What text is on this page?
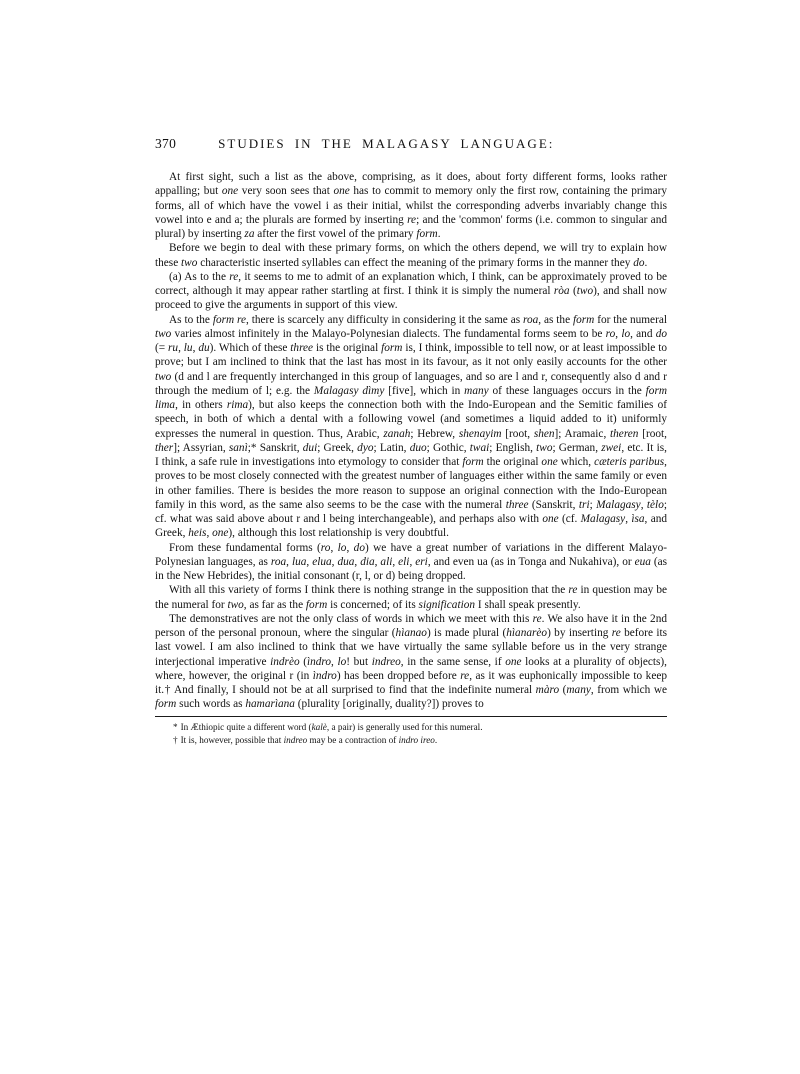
370	STUDIES IN THE MALAGASY LANGUAGE:

At first sight, such a list as the above, comprising, as it does, about forty different forms, looks rather appalling; but one very soon sees that one has to commit to memory only the first row, containing the primary forms, all of which have the vowel i as their initial, whilst the corresponding adverbs invariably change this vowel into e and a; the plurals are formed by inserting re; and the 'common' forms (i.e. common to singular and plural) by inserting za after the first vowel of the primary form.

Before we begin to deal with these primary forms, on which the others depend, we will try to explain how these two characteristic inserted syllables can effect the meaning of the primary forms in the manner they do.

(a) As to the re, it seems to me to admit of an explanation which, I think, can be approximately proved to be correct, although it may appear rather startling at first. I think it is simply the numeral ròa (two), and shall now proceed to give the arguments in support of this view.

As to the form re, there is scarcely any difficulty in considering it the same as roa, as the form for the numeral two varies almost infinitely in the Malayo-Polynesian dialects. The fundamental forms seem to be ro, lo, and do (= ru, lu, du). Which of these three is the original form is, I think, impossible to tell now, or at least impossible to prove; but I am inclined to think that the last has most in its favour, as it not only easily accounts for the other two (d and l are frequently interchanged in this group of languages, and so are l and r, consequently also d and r through the medium of l; e.g. the Malagasy dìmy [five], which in many of these languages occurs in the form lima, in others rima), but also keeps the connection both with the Indo-European and the Semitic families of speech, in both of which a dental with a following vowel (and sometimes a liquid added to it) uniformly expresses the numeral in question. Thus, Arabic, zanah; Hebrew, shenayim [root, shen]; Aramaic, theren [root, ther]; Assyrian, sanì;* Sanskrit, dui; Greek, dyo; Latin, duo; Gothic, twai; English, two; German, zwei, etc. It is, I think, a safe rule in investigations into etymology to consider that form the original one which, cæteris paribus, proves to be most closely connected with the greatest number of languages either within the same family or even in other families. There is besides the more reason to suppose an original connection with the Indo-European family in this word, as the same also seems to be the case with the numeral three (Sanskrit, tri; Malagasy, tèlo; cf. what was said above about r and l being interchangeable), and perhaps also with one (cf. Malagasy, ìsa, and Greek, heis, one), although this lost relationship is very doubtful.

From these fundamental forms (ro, lo, do) we have a great number of variations in the different Malayo-Polynesian languages, as roa, lua, elua, dua, dia, ali, eli, eri, and even ua (as in Tonga and Nukahiva), or eua (as in the New Hebrides), the initial consonant (r, l, or d) being dropped.

With all this variety of forms I think there is nothing strange in the supposition that the re in question may be the numeral for two, as far as the form is concerned; of its signification I shall speak presently.

The demonstratives are not the only class of words in which we meet with this re. We also have it in the 2nd person of the personal pronoun, where the singular (hìanao) is made plural (hìanarèo) by inserting re before its last vowel. I am also inclined to think that we have virtually the same syllable before us in the very strange interjectional imperative indrèo (ìndro, lo! but indreo, in the same sense, if one looks at a plurality of objects), where, however, the original r (in ìndro) has been dropped before re, as it was euphonically impossible to keep it.† And finally, I should not be at all surprised to find that the indefinite numeral màro (many, from which we form such words as hamarìana (plurality [originally, duality?]) proves to

* In Æthiopic quite a different word (kalè, a pair) is generally used for this numeral.

† It is, however, possible that indreo may be a contraction of indro ireo.
